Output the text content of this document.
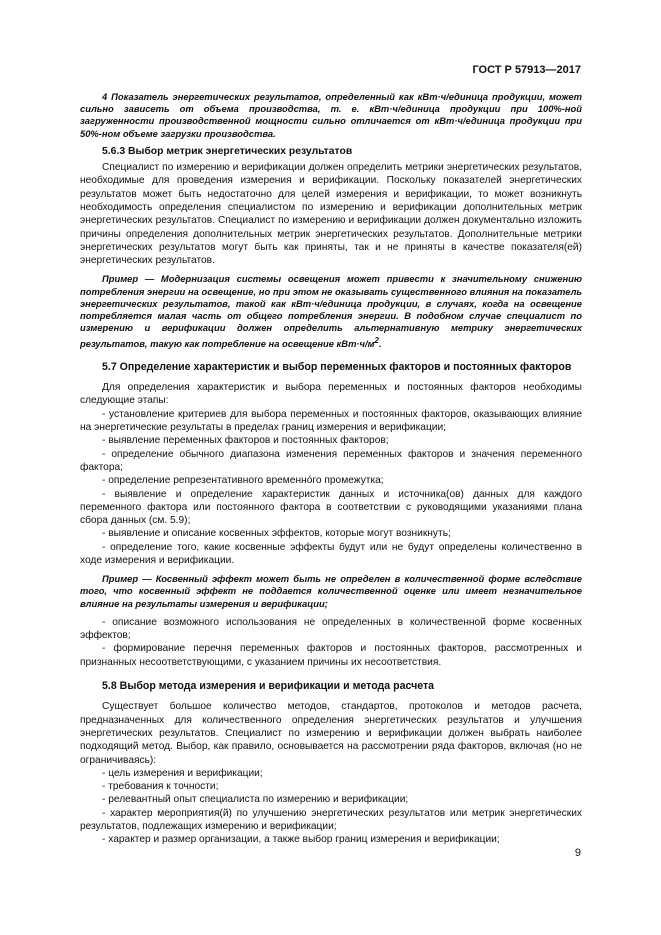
ГОСТ Р 57913—2017

4 Показатель энергетических результатов, определенный как кВт·ч/единица продукции, может сильно зависеть от объема производства, т. е. кВт·ч/единица продукции при 100%-ной загруженности производственной мощности сильно отличается от кВт·ч/единица продукции при 50%-ном объеме загрузки производства.

5.6.3 Выбор метрик энергетических результатов

Специалист по измерению и верификации должен определить метрики энергетических результатов, необходимые для проведения измерения и верификации. Поскольку показателей энергетических результатов может быть недостаточно для целей измерения и верификации, то может возникнуть необходимость определения специалистом по измерению и верификации дополнительных метрик энергетических результатов. Специалист по измерению и верификации должен документально изложить причины определения дополнительных метрик энергетических результатов. Дополнительные метрики энергетических результатов могут быть как приняты, так и не приняты в качестве показателя(ей) энергетических результатов.

Пример — Модернизация системы освещения может привести к значительному снижению потребления энергии на освещение, но при этом не оказывать существенного влияния на показатель энергетических результатов, такой как кВт·ч/единица продукции, в случаях, когда на освещение потребляется малая часть от общего потребления энергии. В подобном случае специалист по измерению и верификации должен определить альтернативную метрику энергетических результатов, такую как потребление на освещение $кВт\cdot ч/м^2$.

5.7 Определение характеристик и выбор переменных факторов и постоянных факторов

Для определения характеристик и выбора переменных и постоянных факторов необходимы следующие этапы:

- установление критериев для выбора переменных и постоянных факторов, оказывающих влияние на энергетические результаты в пределах границ измерения и верификации;

- выявление переменных факторов и постоянных факторов;

- определение обычного диапазона изменения переменных факторов и значения переменного фактора;

- определение репрезентативного временно́го промежутка;

- выявление и определение характеристик данных и источника(ов) данных для каждого переменного фактора или постоянного фактора в соответствии с руководящими указаниями плана сбора данных (см. 5.9);

- выявление и описание косвенных эффектов, которые могут возникнуть;

- определение того, какие косвенные эффекты будут или не будут определены количественно в ходе измерения и верификации.

Пример — Косвенный эффект может быть не определен в количественной форме вследствие того, что косвенный эффект не поддается количественной оценке или имеет незначительное влияние на результаты измерения и верификации;

- описание возможного использования не определенных в количественной форме косвенных эффектов;

- формирование перечня переменных факторов и постоянных факторов, рассмотренных и признанных несоответствующими, с указанием причины их несоответствия.

5.8 Выбор метода измерения и верификации и метода расчета

Существует большое количество методов, стандартов, протоколов и методов расчета, предназначенных для количественного определения энергетических результатов и улучшения энергетических результатов. Специалист по измерению и верификации должен выбрать наиболее подходящий метод. Выбор, как правило, основывается на рассмотрении ряда факторов, включая (но не ограничиваясь):

- цель измерения и верификации;

- требования к точности;

- релевантный опыт специалиста по измерению и верификации;

- характер мероприятия(й) по улучшению энергетических результатов или метрик энергетических результатов, подлежащих измерению и верификации;

- характер и размер организации, а также выбор границ измерения и верификации;

9
